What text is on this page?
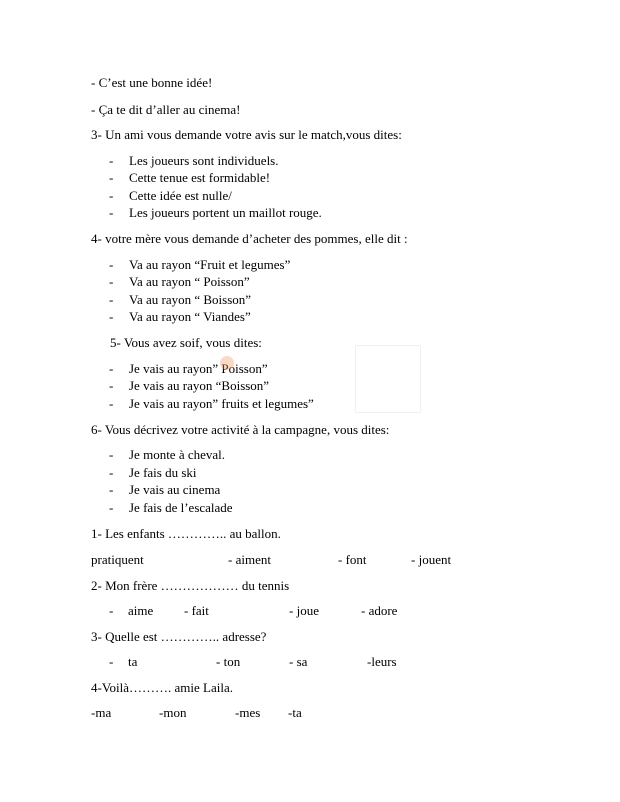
- C’est une bonne idée!
- Ça te dit d’aller au cinema!
3- Un ami vous demande votre avis sur le match,vous dites:
- Les joueurs sont individuels.
- Cette tenue est formidable!
- Cette idée est nulle/
- Les joueurs portent un maillot rouge.
4- votre mère vous demande d’acheter des pommes, elle dit :
- Va au rayon “Fruit et legumes”
- Va au rayon “ Poisson”
- Va au rayon “ Boisson”
- Va au rayon “ Viandes”
5- Vous avez soif, vous dites:
- Je vais au rayon” Poisson”
- Je vais au rayon “Boisson”
- Je vais au rayon” fruits et legumes”
6- Vous décrivez votre activité à la campagne, vous dites:
- Je monte à cheval.
- Je fais du ski
- Je vais au cinema
- Je fais de l’escalade
1- Les enfants ………….. au ballon.
pratiquent	- aiment	- font	- jouent
2- Mon frère ……………… du tennis
- aime - fait	- joue	- adore
3- Quelle est ………….. adresse?
- ta	- ton	- sa	-leurs
4-Voilà………. amie Laila.
-ma	-mon	-mes -ta
